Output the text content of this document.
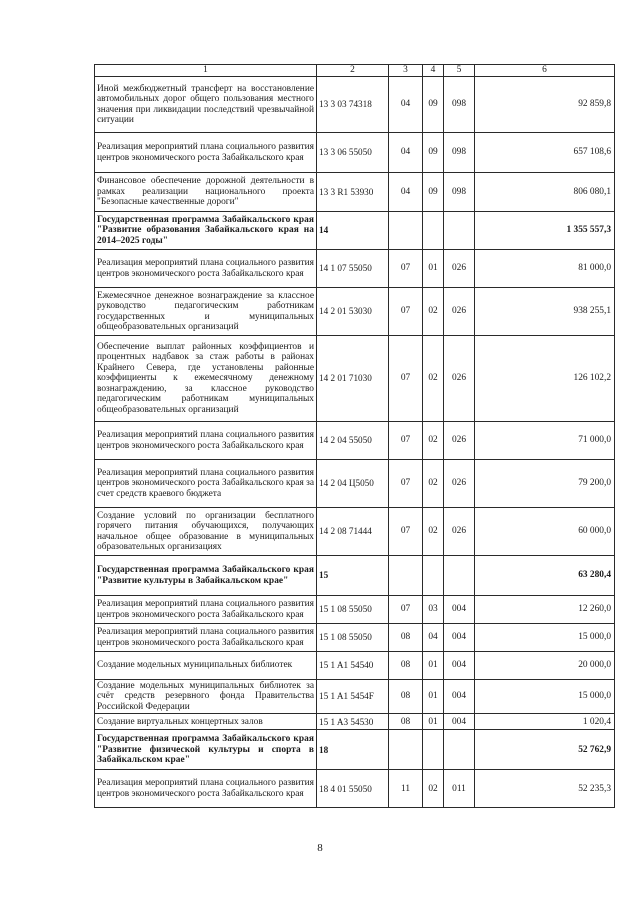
1	2	3	4	5	6
Иной межбюджетный трансферт на восстановление автомобильных дорог общего пользования местного значения при ликвидации последствий чрезвычайной ситуации	13 3 03 74318	04	09	098	92 859,8
Реализация мероприятий плана социального развития центров экономического роста Забайкальского края	13 3 06 55050	04	09	098	657 108,6
Финансовое обеспечение дорожной деятельности в рамках реализации национального проекта "Безопасные качественные дороги"	13 3 R1 53930	04	09	098	806 080,1
Государственная программа Забайкальского края "Развитие образования Забайкальского края на 2014–2025 годы"	14				1 355 557,3
Реализация мероприятий плана социального развития центров экономического роста Забайкальского края	14 1 07 55050	07	01	026	81 000,0
Ежемесячное денежное вознаграждение за классное руководство педагогическим работникам государственных и муниципальных общеобразовательных организаций	14 2 01 53030	07	02	026	938 255,1
Обеспечение выплат районных коэффициентов и процентных надбавок за стаж работы в районах Крайнего Севера, где установлены районные коэффициенты к ежемесячному денежному вознаграждению, за классное руководство педагогическим работникам муниципальных общеобразовательных организаций	14 2 01 71030	07	02	026	126 102,2
Реализация мероприятий плана социального развития центров экономического роста Забайкальского края	14 2 04 55050	07	02	026	71 000,0
Реализация мероприятий плана социального развития центров экономического роста Забайкальского края за счет средств краевого бюджета	14 2 04 Ц5050	07	02	026	79 200,0
Создание условий по организации бесплатного горячего питания обучающихся, получающих начальное общее образование в муниципальных образовательных организациях	14 2 08 71444	07	02	026	60 000,0
Государственная программа Забайкальского края "Развитие культуры в Забайкальском крае"	15				63 280,4
Реализация мероприятий плана социального развития центров экономического роста Забайкальского края	15 1 08 55050	07	03	004	12 260,0
Реализация мероприятий плана социального развития центров экономического роста Забайкальского края	15 1 08 55050	08	04	004	15 000,0
Создание модельных муниципальных библиотек	15 1 A1 54540	08	01	004	20 000,0
Создание модельных муниципальных библиотек за счёт средств резервного фонда Правительства Российской Федерации	15 1 A1 5454F	08	01	004	15 000,0
Создание виртуальных концертных залов	15 1 A3 54530	08	01	004	1 020,4
Государственная программа Забайкальского края "Развитие физической культуры и спорта в Забайкальском крае"	18				52 762,9
Реализация мероприятий плана социального развития центров экономического роста Забайкальского края	18 4 01 55050	11	02	011	52 235,3
8
